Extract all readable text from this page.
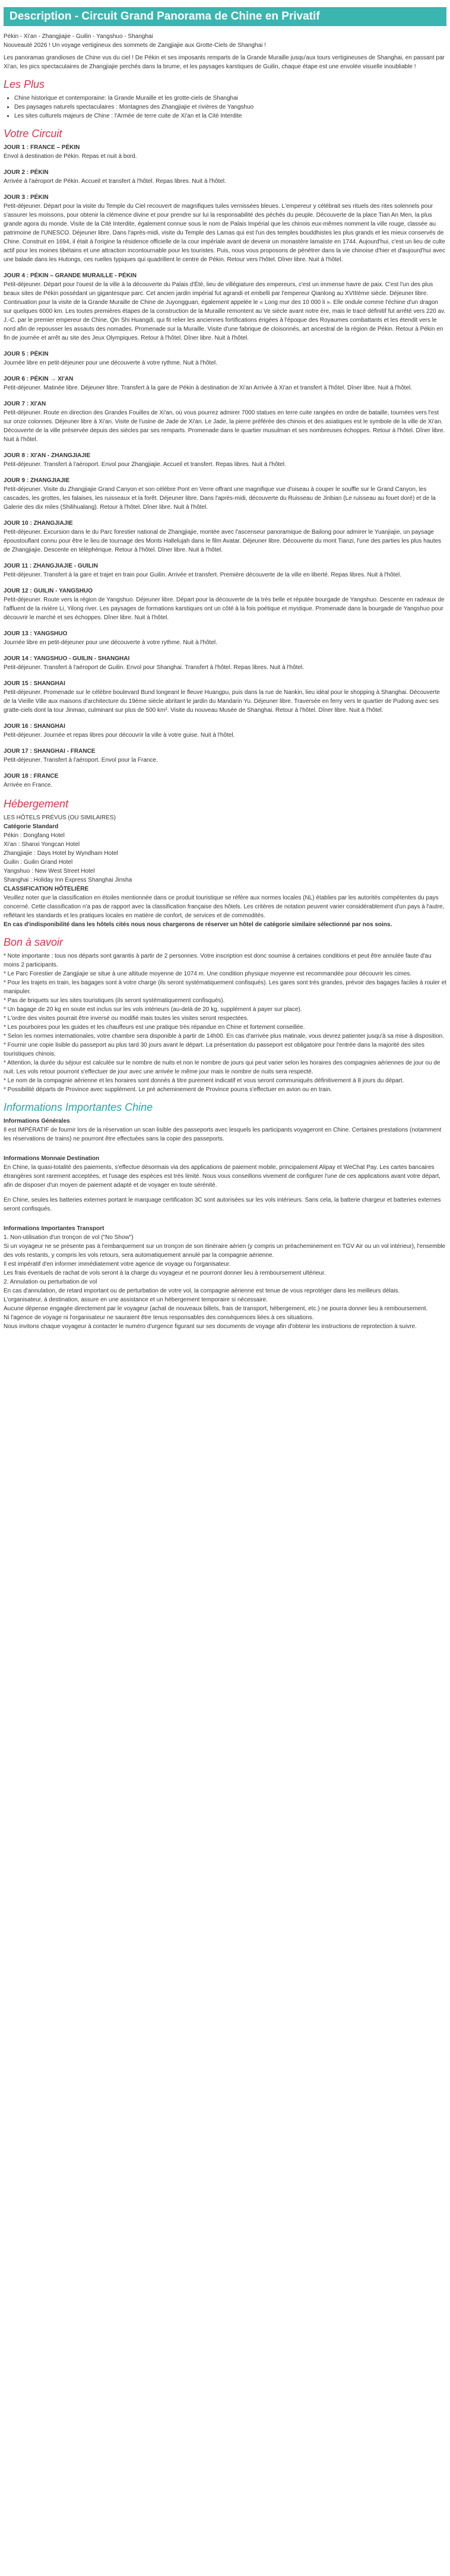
Description - Circuit Grand Panorama de Chine en Privatif

Pékin - Xi'an - Zhangjiajie - Guilin - Yangshuo - Shanghai

Nouveauté 2026 ! Un voyage vertigineux des sommets de Zangjiajie aux Grotte-Ciels de Shanghai !

Les panoramas grandioses de Chine vus du ciel ! De Pékin et ses imposants remparts de la Grande Muraille jusqu'aux tours vertigineuses de Shanghai, en passant par Xi'an, les pics spectaculaires de Zhangjiajie perchés dans la brume, et les paysages karstiques de Guilin, chaque étape est une envolée visuelle inoubliable !

Les Plus
• Chine historique et contemporaine: la Grande Muraille et les grotte-ciels de Shanghai
• Des paysages naturels spectaculaires : Montagnes des Zhangjiajie et rivières de Yangshuo
• Les sites culturels majeurs de Chine : l'Armée de terre cuite de Xi'an et la Cité Interdite
Votre Circuit

JOUR 1 : FRANCE – PÉKIN

Envol à destination de Pékin. Repas et nuit à bord.

JOUR 2 : PÉKIN

Arrivée à l'aéroport de Pékin. Accueil et transfert à l'hôtel. Repas libres. Nuit à l'hôtel.

JOUR 3 : PÉKIN

Petit-déjeuner. Départ pour la visite du Temple du Ciel recouvert de magnifiques tuiles vernissées bleues. L'empereur y célébrait ses rituels des rites solennels pour s'assurer les moissons, pour obtenir la clémence divine et pour prendre sur lui la responsabilité des péchés du peuple. Découverte de la place Tian An Men, la plus grande agora du monde. Visite de la Cité Interdite, également connue sous le nom de Palais Impérial que les chinois eux-mêmes nomment la ville rouge, classée au patrimoine de l'UNESCO. Déjeuner libre. Dans l'après-midi, visite du Temple des Lamas qui est l'un des temples bouddhistes les plus grands et les mieux conservés de Chine. Construit en 1694, il était à l'origine la résidence officielle de la cour impériale avant de devenir un monastère lamaïste en 1744. Aujourd'hui, c'est un lieu de culte actif pour les moines tibétains et une attraction incontournable pour les touristes. Puis, nous vous proposons de pénétrer dans la vie chinoise d'hier et d'aujourd'hui avec une balade dans les Hutongs, ces ruelles typiques qui quadrillent le centre de Pékin. Retour vers l'hôtel. Dîner libre. Nuit à l'hôtel.

JOUR 4 : PÉKIN – GRANDE MURAILLE - PÉKIN

Petit-déjeuner. Départ pour l'ouest de la ville à la découverte du Palais d'Été, lieu de villégiature des empereurs, c'est un immense havre de paix. C'est l'un des plus beaux sites de Pékin possédant un gigantesque parc. Cet ancien jardin impérial fut agrandi et embelli par l'empereur Qianlong au XVIIIème siècle. Déjeuner libre. Continuation pour la visite de la Grande Muraille de Chine de Juyongguan, également appelée le « Long mur des 10 000 li ». Elle ondule comme l'échine d'un dragon sur quelques 6000 km. Les toutes premières étapes de la construction de la Muraille remontent au Ve siècle avant notre ère, mais le tracé définitif fut arrêté vers 220 av. J.-C. par le premier empereur de Chine, Qin Shi Huangdi, qui fit relier les anciennes fortifications érigées à l'époque des Royaumes combattants et les étendit vers le nord afin de repousser les assauts des nomades. Promenade sur la Muraille. Visite d'une fabrique de cloisonnés, art ancestral de la région de Pékin. Retour à Pékin en fin de journée et arrêt au site des Jeux Olympiques. Retour à l'hôtel. Dîner libre. Nuit à l'hôtel.

JOUR 5 : PÉKIN

Journée libre en petit-déjeuner pour une découverte à votre rythme. Nuit à l'hôtel.

JOUR 6 : PÉKIN → XI'AN

Petit-déjeuner. Matinée libre. Déjeuner libre. Transfert à la gare de Pékin à destination de Xi'an Arrivée à Xi'an et transfert à l'hôtel. Dîner libre. Nuit à l'hôtel.

JOUR 7 : XI'AN

Petit-déjeuner. Route en direction des Grandes Fouilles de Xi'an, où vous pourrez admirer 7000 statues en terre cuite rangées en ordre de bataille, tournées vers l'est sur onze colonnes. Déjeuner libre à Xi'an. Visite de l'usine de Jade de Xi'an. Le Jade, la pierre préférée des chinois et des asiatiques est le symbole de la ville de Xi'an. Découverte de la ville préservée depuis des siècles par ses remparts. Promenade dans le quartier musulman et ses nombreuses échoppes. Retour à l'hôtel. Dîner libre. Nuit à l'hôtel.

JOUR 8 : XI'AN - ZHANGJIAJIE

Petit-déjeuner. Transfert à l'aéroport. Envol pour Zhangjiajie. Accueil et transfert. Repas libres. Nuit à l'hôtel.

JOUR 9 : ZHANGJIAJIE

Petit-déjeuner. Visite du Zhangjiajie Grand Canyon et son célèbre Pont en Verre offrant une magnifique vue d'oiseau à couper le souffle sur le Grand Canyon, les cascades, les grottes, les falaises, les ruisseaux et la forêt. Déjeuner libre. Dans l'après-midi, découverte du Ruisseau de Jinbian (Le ruisseau au fouet doré) et de la Galerie des dix miles (Shilihualang). Retour à l'hôtel. Dîner libre. Nuit à l'hôtel.

JOUR 10 : ZHANGJIAJIE

Petit-déjeuner. Excursion dans le du Parc forestier national de Zhangjiajie, montée avec l'ascenseur panoramique de Bailong pour admirer le Yuanjiajie, un paysage époustouflant connu pour être le lieu de tournage des Monts Hallelujah dans le film Avatar. Déjeuner libre. Découverte du mont Tianzi, l'une des parties les plus hautes de Zhangjiajie. Descente en téléphérique. Retour à l'hôtel. Dîner libre. Nuit à l'hôtel.

JOUR 11 : ZHANGJIAJIE - GUILIN

Petit-déjeuner. Transfert à la gare et trajet en train pour Guilin. Arrivée et transfert. Première découverte de la ville en liberté. Repas libres. Nuit à l'hôtel.

JOUR 12 : GUILIN - YANGSHUO

Petit-déjeuner. Route vers la région de Yangshuo. Déjeuner libre. Départ pour la découverte de la très belle et réputée bourgade de Yangshuo. Descente en radeaux de l'affluent de la rivière Li, Yilong river. Les paysages de formations karstiques ont un côté à la fois poétique et mystique. Promenade dans la bourgade de Yangshuo pour découvrir le marché et ses échoppes. Dîner libre. Nuit à l'hôtel.

JOUR 13 : YANGSHUO

Journée libre en petit-déjeuner pour une découverte à votre rythme. Nuit à l'hôtel.

JOUR 14 : YANGSHUO - GUILIN - SHANGHAI

Petit-déjeuner. Transfert à l'aéroport de Guilin. Envol pour Shanghai. Transfert à l'hôtel. Repas libres. Nuit à l'hôtel.

JOUR 15 : SHANGHAI

Petit-déjeuner. Promenade sur le célèbre boulevard Bund longeant le fleuve Huangpu, puis dans la rue de Nankin, lieu idéal pour le shopping à Shanghai. Découverte de la Vieille Ville aux maisons d'architecture du 19ème siècle abritant le jardin du Mandarin Yu. Déjeuner libre. Traversée en ferry vers le quartier de Pudong avec ses gratte-ciels dont la tour Jinmao, culminant sur plus de 500 km². Visite du nouveau Musée de Shanghai. Retour à l'hôtel. Dîner libre. Nuit à l'hôtel.

JOUR 16 : SHANGHAI

Petit-déjeuner. Journée et repas libres pour découvrir la ville à votre guise. Nuit à l'hôtel.

JOUR 17 : SHANGHAI - FRANCE

Petit-déjeuner. Transfert à l'aéroport. Envol pour la France.

JOUR 18 : FRANCE

Arrivée en France.

Hébergement

LES HÔTELS PRÉVUS (OU SIMILAIRES)

Catégorie Standard

Pékin : Dongfang Hotel

Xi'an : Shanxi Yongcan Hotel

Zhangjiajie : Days Hotel by Wyndham Hotel

Guilin : Guilin Grand Hotel

Yangshuo : New West Street Hotel

Shanghai : Holiday Inn Express Shanghai Jinsha

CLASSIFICATION HÔTELIÈRE

Veuillez noter que la classification en étoiles mentionnée dans ce produit touristique se réfère aux normes locales (NL) établies par les autorités compétentes du pays concerné. Cette classification n'a pas de rapport avec la classification française des hôtels. Les critères de notation peuvent varier considérablement d'un pays à l'autre, reflétant les standards et les pratiques locales en matière de confort, de services et de commodités.

En cas d'indisponibilité dans les hôtels cités nous nous chargerons de réserver un hôtel de catégorie similaire sélectionné par nos soins.

Bon à savoir

* Note importante : tous nos départs sont garantis à partir de 2 personnes. Votre inscription est donc soumise à certaines conditions et peut être annulée faute d'au moins 2 participants.

* Le Parc Forestier de Zangjiajie se situe à une altitude moyenne de 1074 m. Une condition physique moyenne est recommandée pour découvrir les cimes.

* Pour les trajets en train, les bagages sont à votre charge (ils seront systématiquement confisqués). Les gares sont très grandes, prévoir des bagages faciles à rouler et manipuler.

* Pas de briquets sur les sites touristiques (ils seront systématiquement confisqués).

* Un bagage de 20 kg en soute est inclus sur les vols intérieurs (au-delà de 20 kg, supplément à payer sur place).

* L'ordre des visites pourrait être inversé ou modifié mais toutes les visites seront respectées.

* Les pourboires pour les guides et les chauffeurs est une pratique très répandue en Chine et fortement conseillée.

* Selon les normes internationales, votre chambre sera disponible à partir de 14h00. En cas d'arrivée plus matinale, vous devrez patienter jusqu'à sa mise à disposition.

* Fournir une copie lisible du passeport au plus tard 30 jours avant le départ. La présentation du passeport est obligatoire pour l'entrée dans la majorité des sites touristiques chinois.

* Attention, la durée du séjour est calculée sur le nombre de nuits et non le nombre de jours qui peut varier selon les horaires des compagnies aériennes de jour ou de nuit. Les vols retour pourront s'effectuer de jour avec une arrivée le même jour mais le nombre de nuits sera respecté.

* Le nom de la compagnie aérienne et les horaires sont donnés à titre purement indicatif et vous seront communiqués définitivement à 8 jours du départ.

* Possibilité départs de Province avec supplément. Le pré acheminement de Province pourra s'effectuer en avion ou en train.

Informations Importantes Chine

Informations Générales

Il est IMPÉRATIF de fournir lors de la réservation un scan lisible des passeports avec lesquels les participants voyageront en Chine. Certaines prestations (notamment les réservations de trains) ne pourront être effectuées sans la copie des passeports.

Informations Monnaie Destination

En Chine, la quasi-totalité des paiements, s'effectue désormais via des applications de paiement mobile, principalement Alipay et WeChat Pay. Les cartes bancaires étrangères sont rarement acceptées, et l'usage des espèces est très limité. Nous vous conseillons vivement de configurer l'une de ces applications avant votre départ, afin de disposer d'un moyen de paiement adapté et de voyager en toute sérénité.

En Chine, seules les batteries externes portant le marquage certification 3C sont autorisées sur les vols intérieurs. Sans cela, la batterie chargeur et batteries externes seront confisqués.

Informations Importantes Transport

1. Non-utilisation d'un tronçon de vol ("No Show")
Si un voyageur ne se présente pas à l'embarquement sur un tronçon de son itinéraire aérien (y compris un préacheminement en TGV Air ou un vol intérieur), l'ensemble des vols restants, y compris les vols retours, sera automatiquement annulé par la compagnie aérienne.
Il est impératif d'en informer immédiatement votre agence de voyage ou l'organisateur.
Les frais éventuels de rachat de vols seront à la charge du voyageur et ne pourront donner lieu à remboursement ultérieur.
2. Annulation ou perturbation de vol
En cas d'annulation, de retard important ou de perturbation de votre vol, la compagnie aérienne est tenue de vous reprotéger dans les meilleurs délais.
L'organisateur, à destination, assure en une assistance et un hébergement temporaire si nécessaire.
Aucune dépense engagée directement par le voyageur (achat de nouveaux billets, frais de transport, hébergement, etc.) ne pourra donner lieu à remboursement.
Ni l'agence de voyage ni l'organisateur ne sauraient être tenus responsables des conséquences liées à ces situations.
Nous invitons chaque voyageur à contacter le numéro d'urgence figurant sur ses documents de voyage afin d'obtenir les instructions de reprotection à suivre.
